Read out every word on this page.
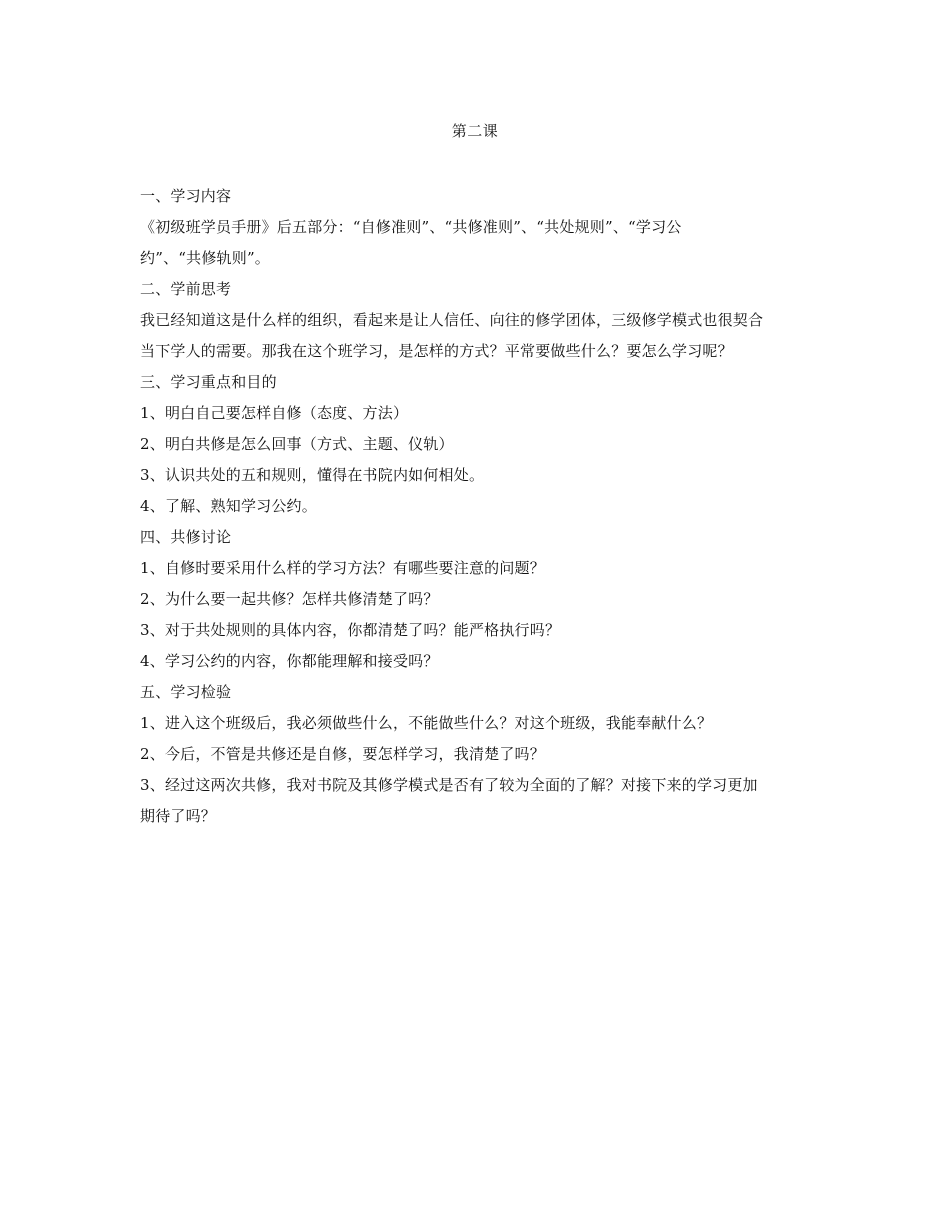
第二课
一、学习内容
《初级班学员手册》后五部分：“自修准则”、“共修准则”、“共处规则”、“学习公
约”、“共修轨则”。
二、学前思考
我已经知道这是什么样的组织，看起来是让人信任、向往的修学团体，三级修学模式也很契合
当下学人的需要。那我在这个班学习，是怎样的方式？平常要做些什么？要怎么学习呢？
三、学习重点和目的
1、明白自己要怎样自修（态度、方法）
2、明白共修是怎么回事（方式、主题、仪轨）
3、认识共处的五和规则，懂得在书院内如何相处。
4、了解、熟知学习公约。
四、共修讨论
1、自修时要采用什么样的学习方法？有哪些要注意的问题？
2、为什么要一起共修？怎样共修清楚了吗？
3、对于共处规则的具体内容，你都清楚了吗？能严格执行吗？
4、学习公约的内容，你都能理解和接受吗？
五、学习检验
1、进入这个班级后，我必须做些什么，不能做些什么？对这个班级，我能奉献什么？
2、今后，不管是共修还是自修，要怎样学习，我清楚了吗？
3、经过这两次共修，我对书院及其修学模式是否有了较为全面的了解？对接下来的学习更加
期待了吗？
